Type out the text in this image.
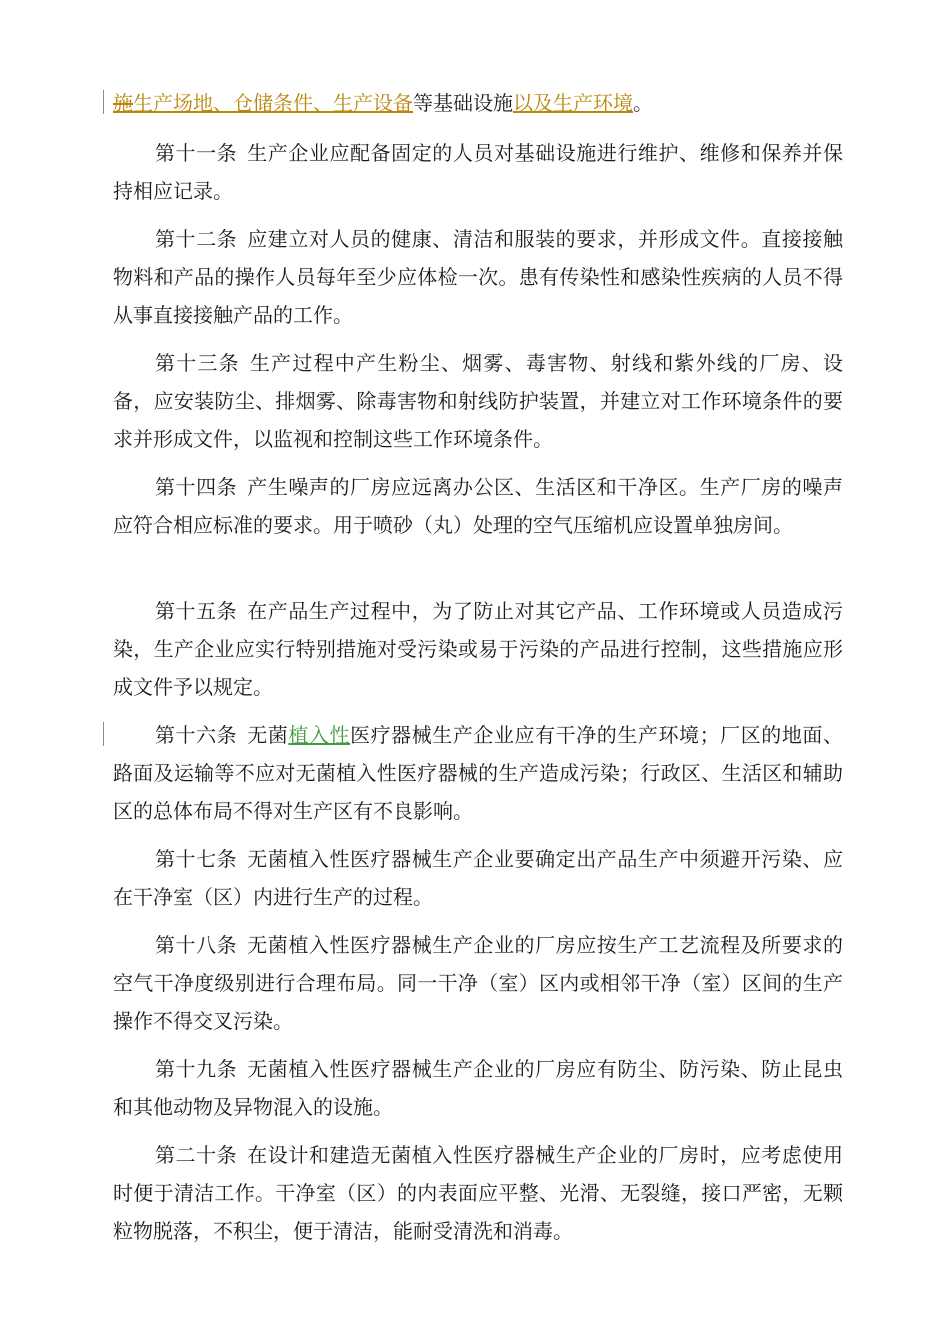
施生产场地、仓储条件、生产设备等基础设施以及生产环境。

第十一条 生产企业应配备固定的人员对基础设施进行维护、维修和保养并保持相应记录。

第十二条 应建立对人员的健康、清洁和服装的要求，并形成文件。直接接触物料和产品的操作人员每年至少应体检一次。患有传染性和感染性疾病的人员不得从事直接接触产品的工作。

第十三条 生产过程中产生粉尘、烟雾、毒害物、射线和紫外线的厂房、设备，应安装防尘、排烟雾、除毒害物和射线防护装置，并建立对工作环境条件的要求并形成文件，以监视和控制这些工作环境条件。

第十四条 产生噪声的厂房应远离办公区、生活区和干净区。生产厂房的噪声应符合相应标准的要求。用于喷砂（丸）处理的空气压缩机应设置单独房间。

第十五条 在产品生产过程中，为了防止对其它产品、工作环境或人员造成污染，生产企业应实行特别措施对受污染或易于污染的产品进行控制，这些措施应形成文件予以规定。

第十六条 无菌植入性医疗器械生产企业应有干净的生产环境；厂区的地面、路面及运输等不应对无菌植入性医疗器械的生产造成污染；行政区、生活区和辅助区的总体布局不得对生产区有不良影响。

第十七条 无菌植入性医疗器械生产企业要确定出产品生产中须避开污染、应在干净室（区）内进行生产的过程。

第十八条 无菌植入性医疗器械生产企业的厂房应按生产工艺流程及所要求的空气干净度级别进行合理布局。同一干净（室）区内或相邻干净（室）区间的生产操作不得交叉污染。

第十九条 无菌植入性医疗器械生产企业的厂房应有防尘、防污染、防止昆虫和其他动物及异物混入的设施。

第二十条 在设计和建造无菌植入性医疗器械生产企业的厂房时，应考虑使用时便于清洁工作。干净室（区）的内表面应平整、光滑、无裂缝，接口严密，无颗粒物脱落，不积尘，便于清洁，能耐受清洗和消毒。
